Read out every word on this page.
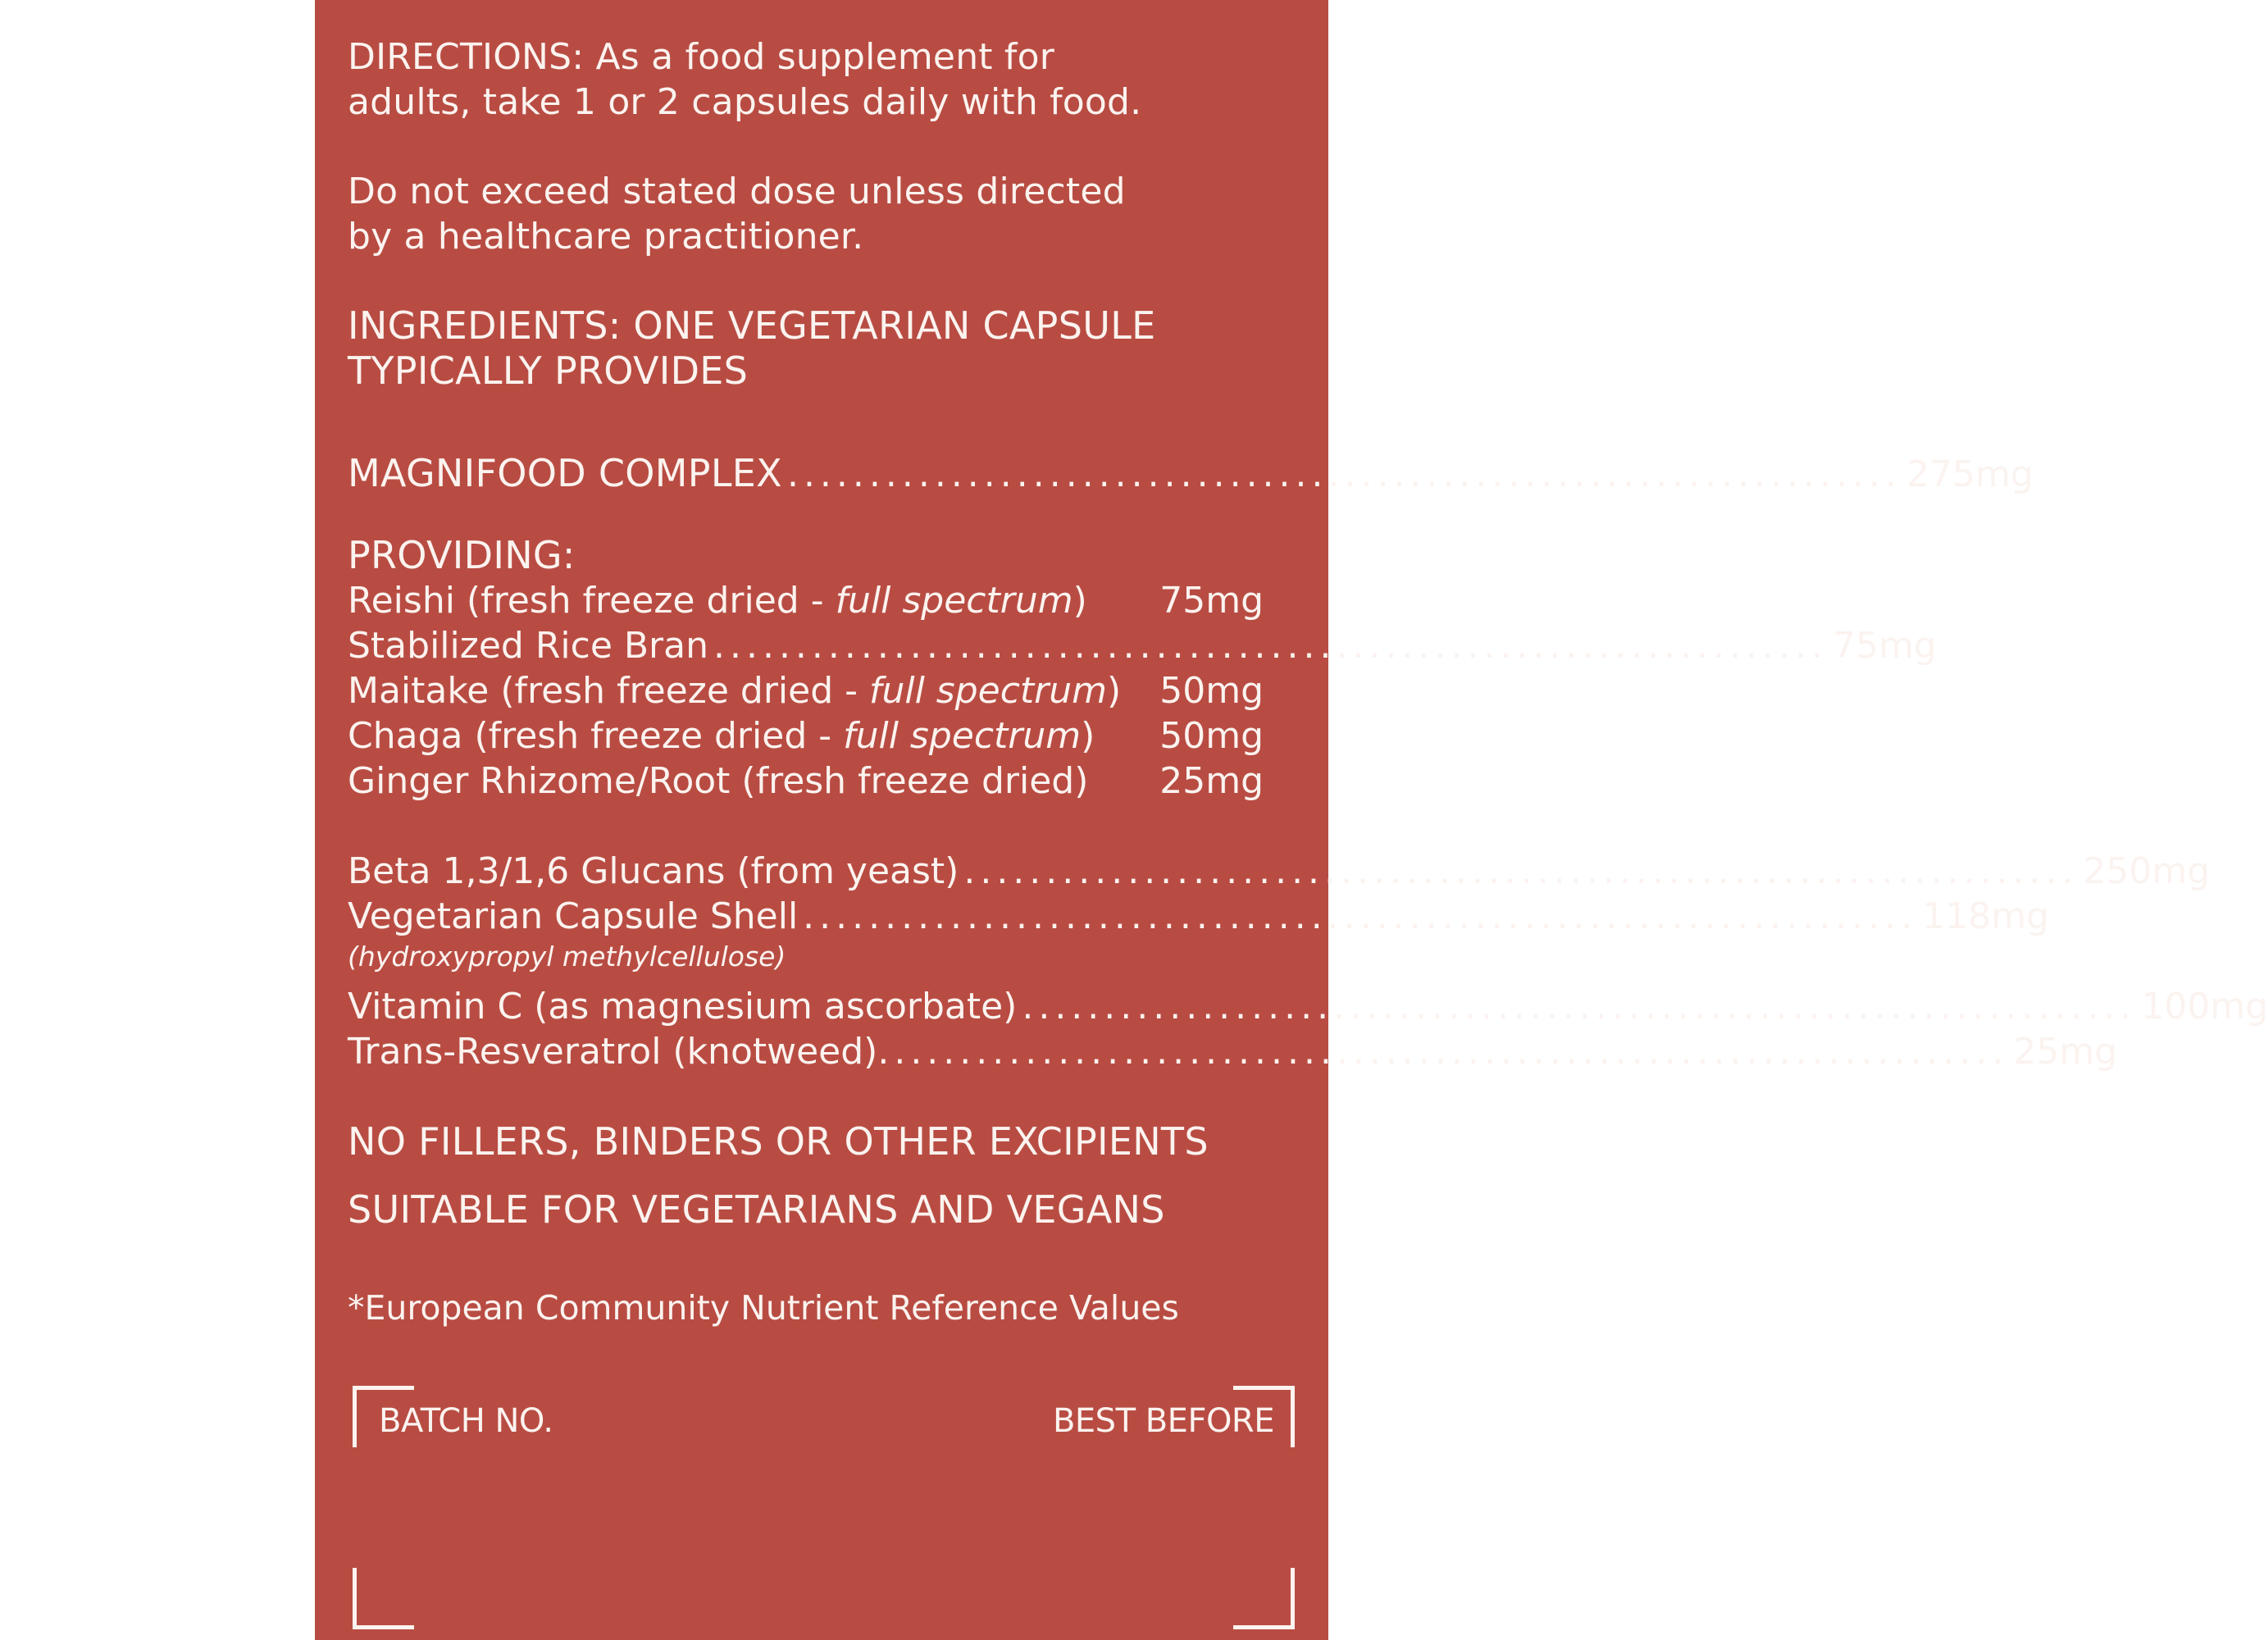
DIRECTIONS: As a food supplement for
adults, take 1 or 2 capsules daily with food.
Do not exceed stated dose unless directed
by a healthcare practitioner.
INGREDIENTS: ONE VEGETARIAN CAPSULE
TYPICALLY PROVIDES
MAGNIFOOD COMPLEX .................................................................... 275mg
PROVIDING:
Reishi (fresh freeze dried - full spectrum) 75mg
Stabilized Rice Bran .................................................................... 75mg
Maitake (fresh freeze dried - full spectrum) 50mg
Chaga (fresh freeze dried - full spectrum) 50mg
Ginger Rhizome/Root (fresh freeze dried) 25mg
Beta 1,3/1,6 Glucans (from yeast) .................................................................... 250mg
Vegetarian Capsule Shell .................................................................... 118mg
(hydroxypropyl methylcellulose)
Vitamin C (as magnesium ascorbate) .................................................................... 100mg
Trans-Resveratrol (knotweed). .................................................................... 25mg
NO FILLERS, BINDERS OR OTHER EXCIPIENTS
SUITABLE FOR VEGETARIANS AND VEGANS
*European Community Nutrient Reference Values
BATCH NO.	BEST BEFORE
